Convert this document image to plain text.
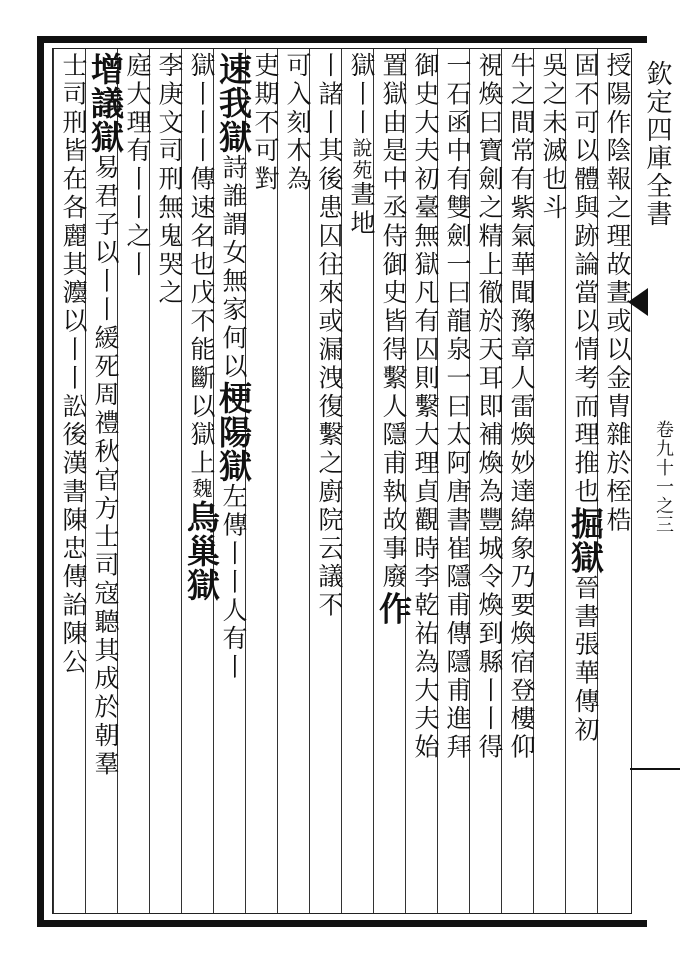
欽定四庫全書
卷九十一之三
授陽作陰報之理故晝或以金胄雜於桎梏
固不可以體與跡論當以情考而理推也掘獄晉書張華傳初
吳之未滅也斗
牛之間常有紫氣華聞豫章人雷煥妙達緯象乃要煥宿登樓仰
視煥曰寶劍之精上徹於天耳即補煥為豐城令煥到縣丨丨得
一石函中有雙劍一曰龍泉一曰太阿唐書崔隱甫傳隱甫進拜
御史大夫初臺無獄凡有囚則繫大理貞觀時李乾祐為大夫始
置獄由是中丞侍御史皆得繫人隱甫執故事廢作
獄丨丨說苑晝地
丨諸丨其後患囚往來或漏洩復繫之廚院云議不
可入刻木為
吏期不可對
速我獄詩誰謂女無家何以梗陽獄左傳丨丨人有丨
獄丨丨丨傳速名也戊不能斷以獄上魏烏巢獄
李庚文司刑無鬼哭之
庭大理有丨丨之丨
增議獄易君子以丨丨緩死周禮秋官方士司寇聽其成於朝羣
士司刑皆在各麗其灋以丨丨訟後漢書陳忠傳詒陳公
